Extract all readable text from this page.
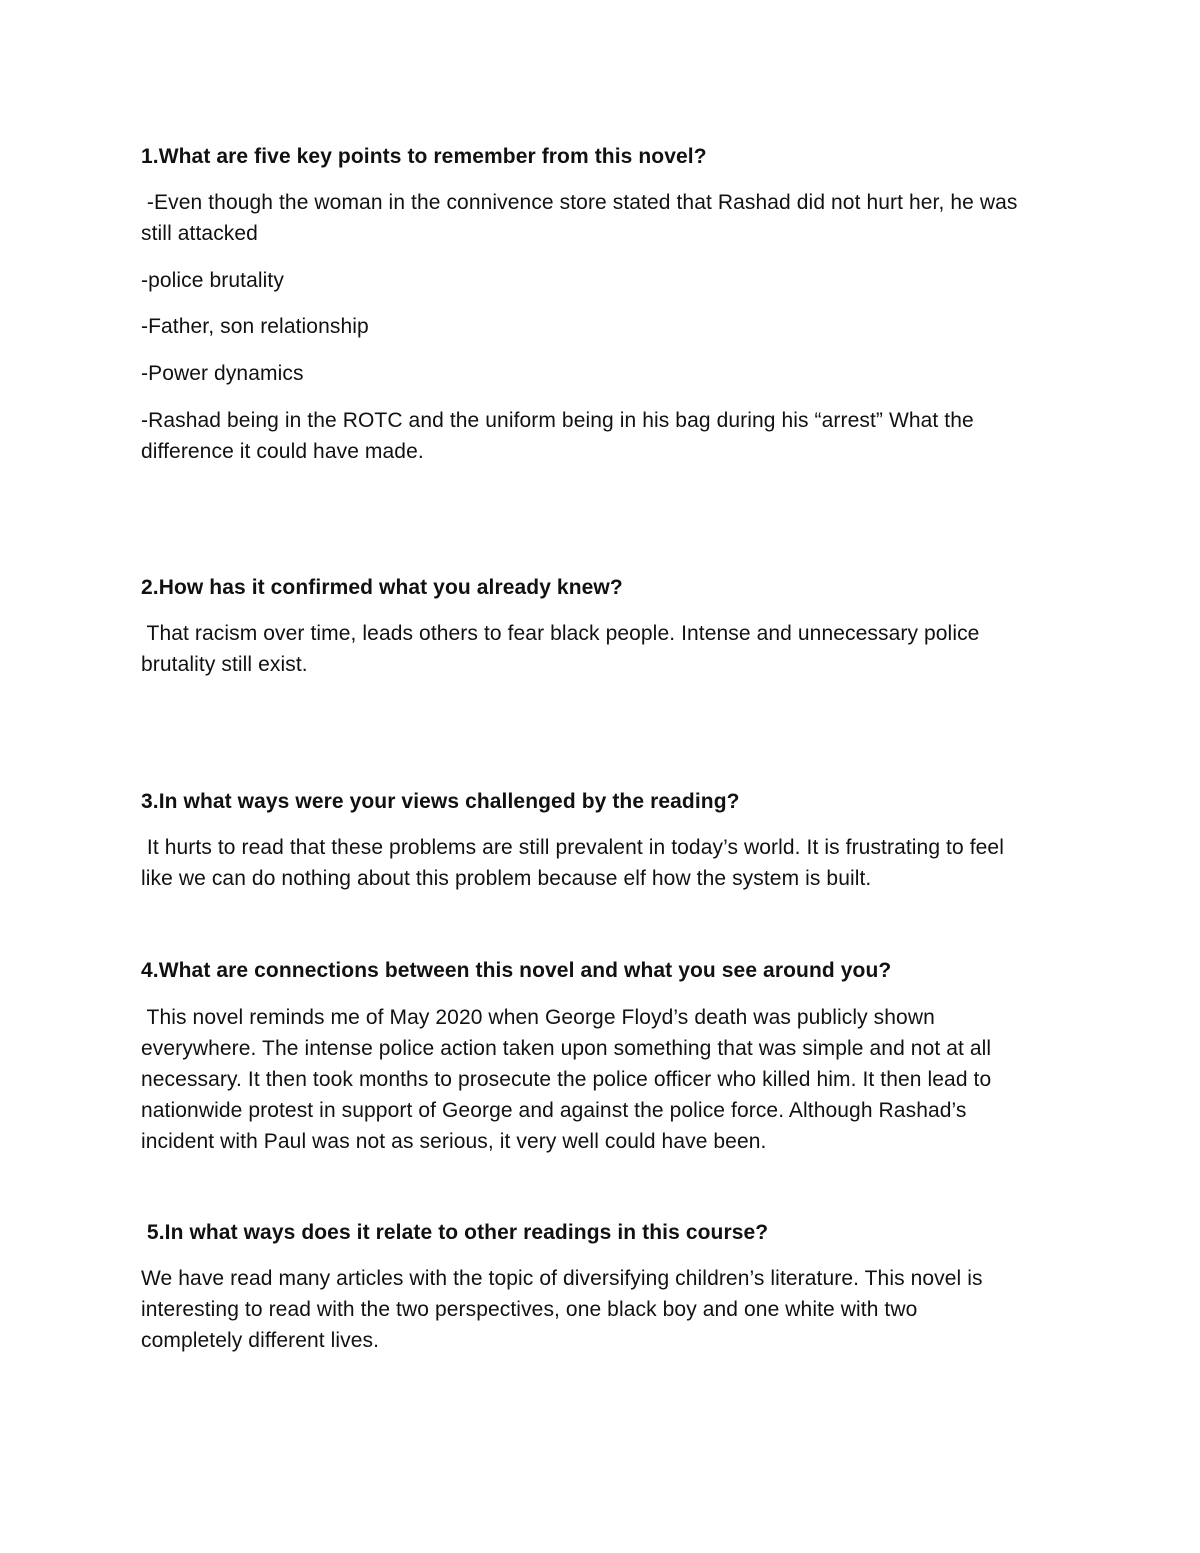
1.What are five key points to remember from this novel?
-Even though the woman in the connivence store stated that Rashad did not hurt her, he was
still attacked
-police brutality
-Father, son relationship
-Power dynamics
-Rashad being in the ROTC and the uniform being in his bag during his “arrest” What the
difference it could have made.
2.How has it confirmed what you already knew?
That racism over time, leads others to fear black people. Intense and unnecessary police
brutality still exist.
3.In what ways were your views challenged by the reading?
It hurts to read that these problems are still prevalent in today’s world. It is frustrating to feel
like we can do nothing about this problem because elf how the system is built.
4.What are connections between this novel and what you see around you?
This novel reminds me of May 2020 when George Floyd’s death was publicly shown
everywhere. The intense police action taken upon something that was simple and not at all
necessary. It then took months to prosecute the police officer who killed him. It then lead to
nationwide protest in support of George and against the police force. Although Rashad’s
incident with Paul was not as serious, it very well could have been.
5.In what ways does it relate to other readings in this course?
We have read many articles with the topic of diversifying children’s literature. This novel is
interesting to read with the two perspectives, one black boy and one white with two
completely different lives.
